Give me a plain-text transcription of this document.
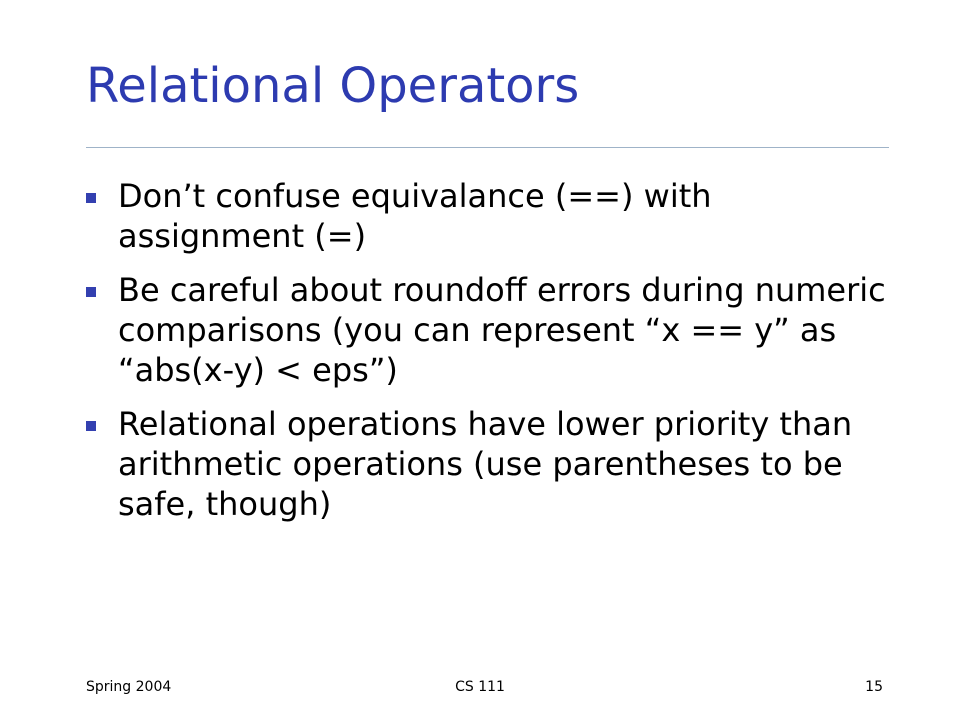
Relational Operators
Don’t confuse equivalance (==) with assignment (=)
Be careful about roundoff errors during numeric comparisons (you can represent “x == y” as “abs(x-y) < eps”)
Relational operations have lower priority than arithmetic operations (use parentheses to be safe, though)
Spring 2004	CS 111	15
